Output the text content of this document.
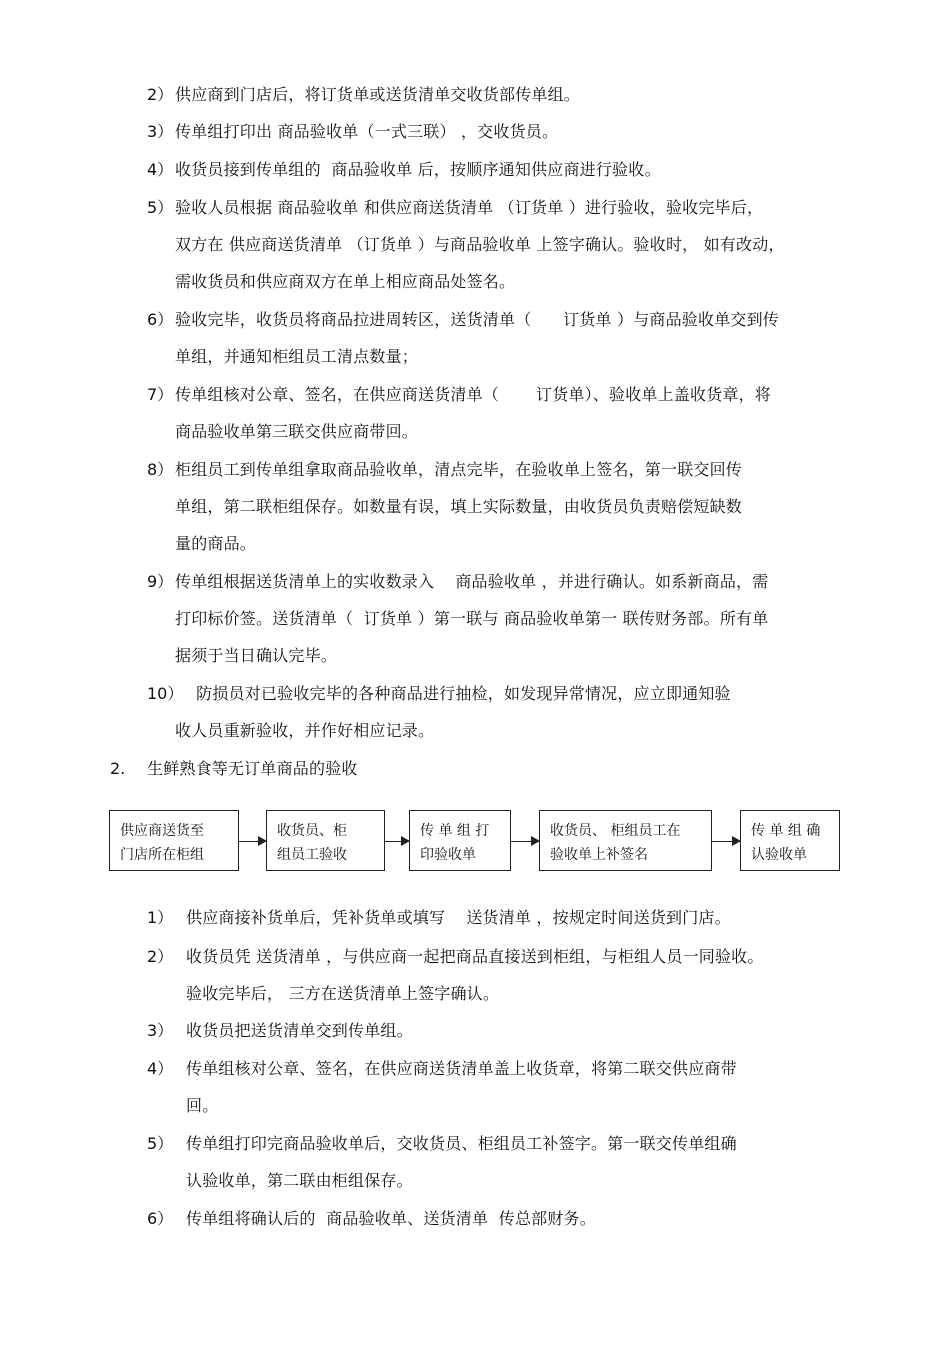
2） 供应商到门店后，将订货单或送货清单交收货部传单组。
3） 传单组打印出 商品验收单（一式三联） ，交收货员。
4） 收货员接到传单组的  商品验收单 后，按顺序通知供应商进行验收。
5） 验收人员根据 商品验收单 和供应商送货清单 （订货单 ）进行验收，验收完毕后，
双方在 供应商送货清单 （订货单 ）与商品验收单 上签字确认。验收时， 如有改动，
需收货员和供应商双方在单上相应商品处签名。
6） 验收完毕，收货员将商品拉进周转区，送货清单（      订货单 ）与商品验收单交到传
单组，并通知柜组员工清点数量；
7） 传单组核对公章、签名，在供应商送货清单（       订货单）、验收单上盖收货章，将
商品验收单第三联交供应商带回。
8） 柜组员工到传单组拿取商品验收单，清点完毕，在验收单上签名，第一联交回传
单组，第二联柜组保存。如数量有误，填上实际数量，由收货员负责赔偿短缺数
量的商品。
9） 传单组根据送货清单上的实收数录入    商品验收单 ，并进行确认。如系新商品，需
打印标价签。送货清单（  订货单 ）第一联与 商品验收单第一 联传财务部。所有单
据须于当日确认完毕。
10）
防损员对已验收完毕的各种商品进行抽检，如发现异常情况，应立即通知验
收人员重新验收，并作好相应记录。
2. 生鲜熟食等无订单商品的验收
供应商送货至
门店所在柜组
收货员、柜
组员工验收
传 单 组 打
印验收单
收货员、 柜组员工在
验收单上补签名
传 单 组 确
认验收单
1） 供应商接补货单后，凭补货单或填写    送货清单 ，按规定时间送货到门店。
2） 收货员凭 送货清单 ，与供应商一起把商品直接送到柜组，与柜组人员一同验收。
验收完毕后， 三方在送货清单上签字确认。
3） 收货员把送货清单交到传单组。
4） 传单组核对公章、签名，在供应商送货清单盖上收货章，将第二联交供应商带
回。
5） 传单组打印完商品验收单后，交收货员、柜组员工补签字。第一联交传单组确
认验收单，第二联由柜组保存。
6） 传单组将确认后的  商品验收单、送货清单  传总部财务。
